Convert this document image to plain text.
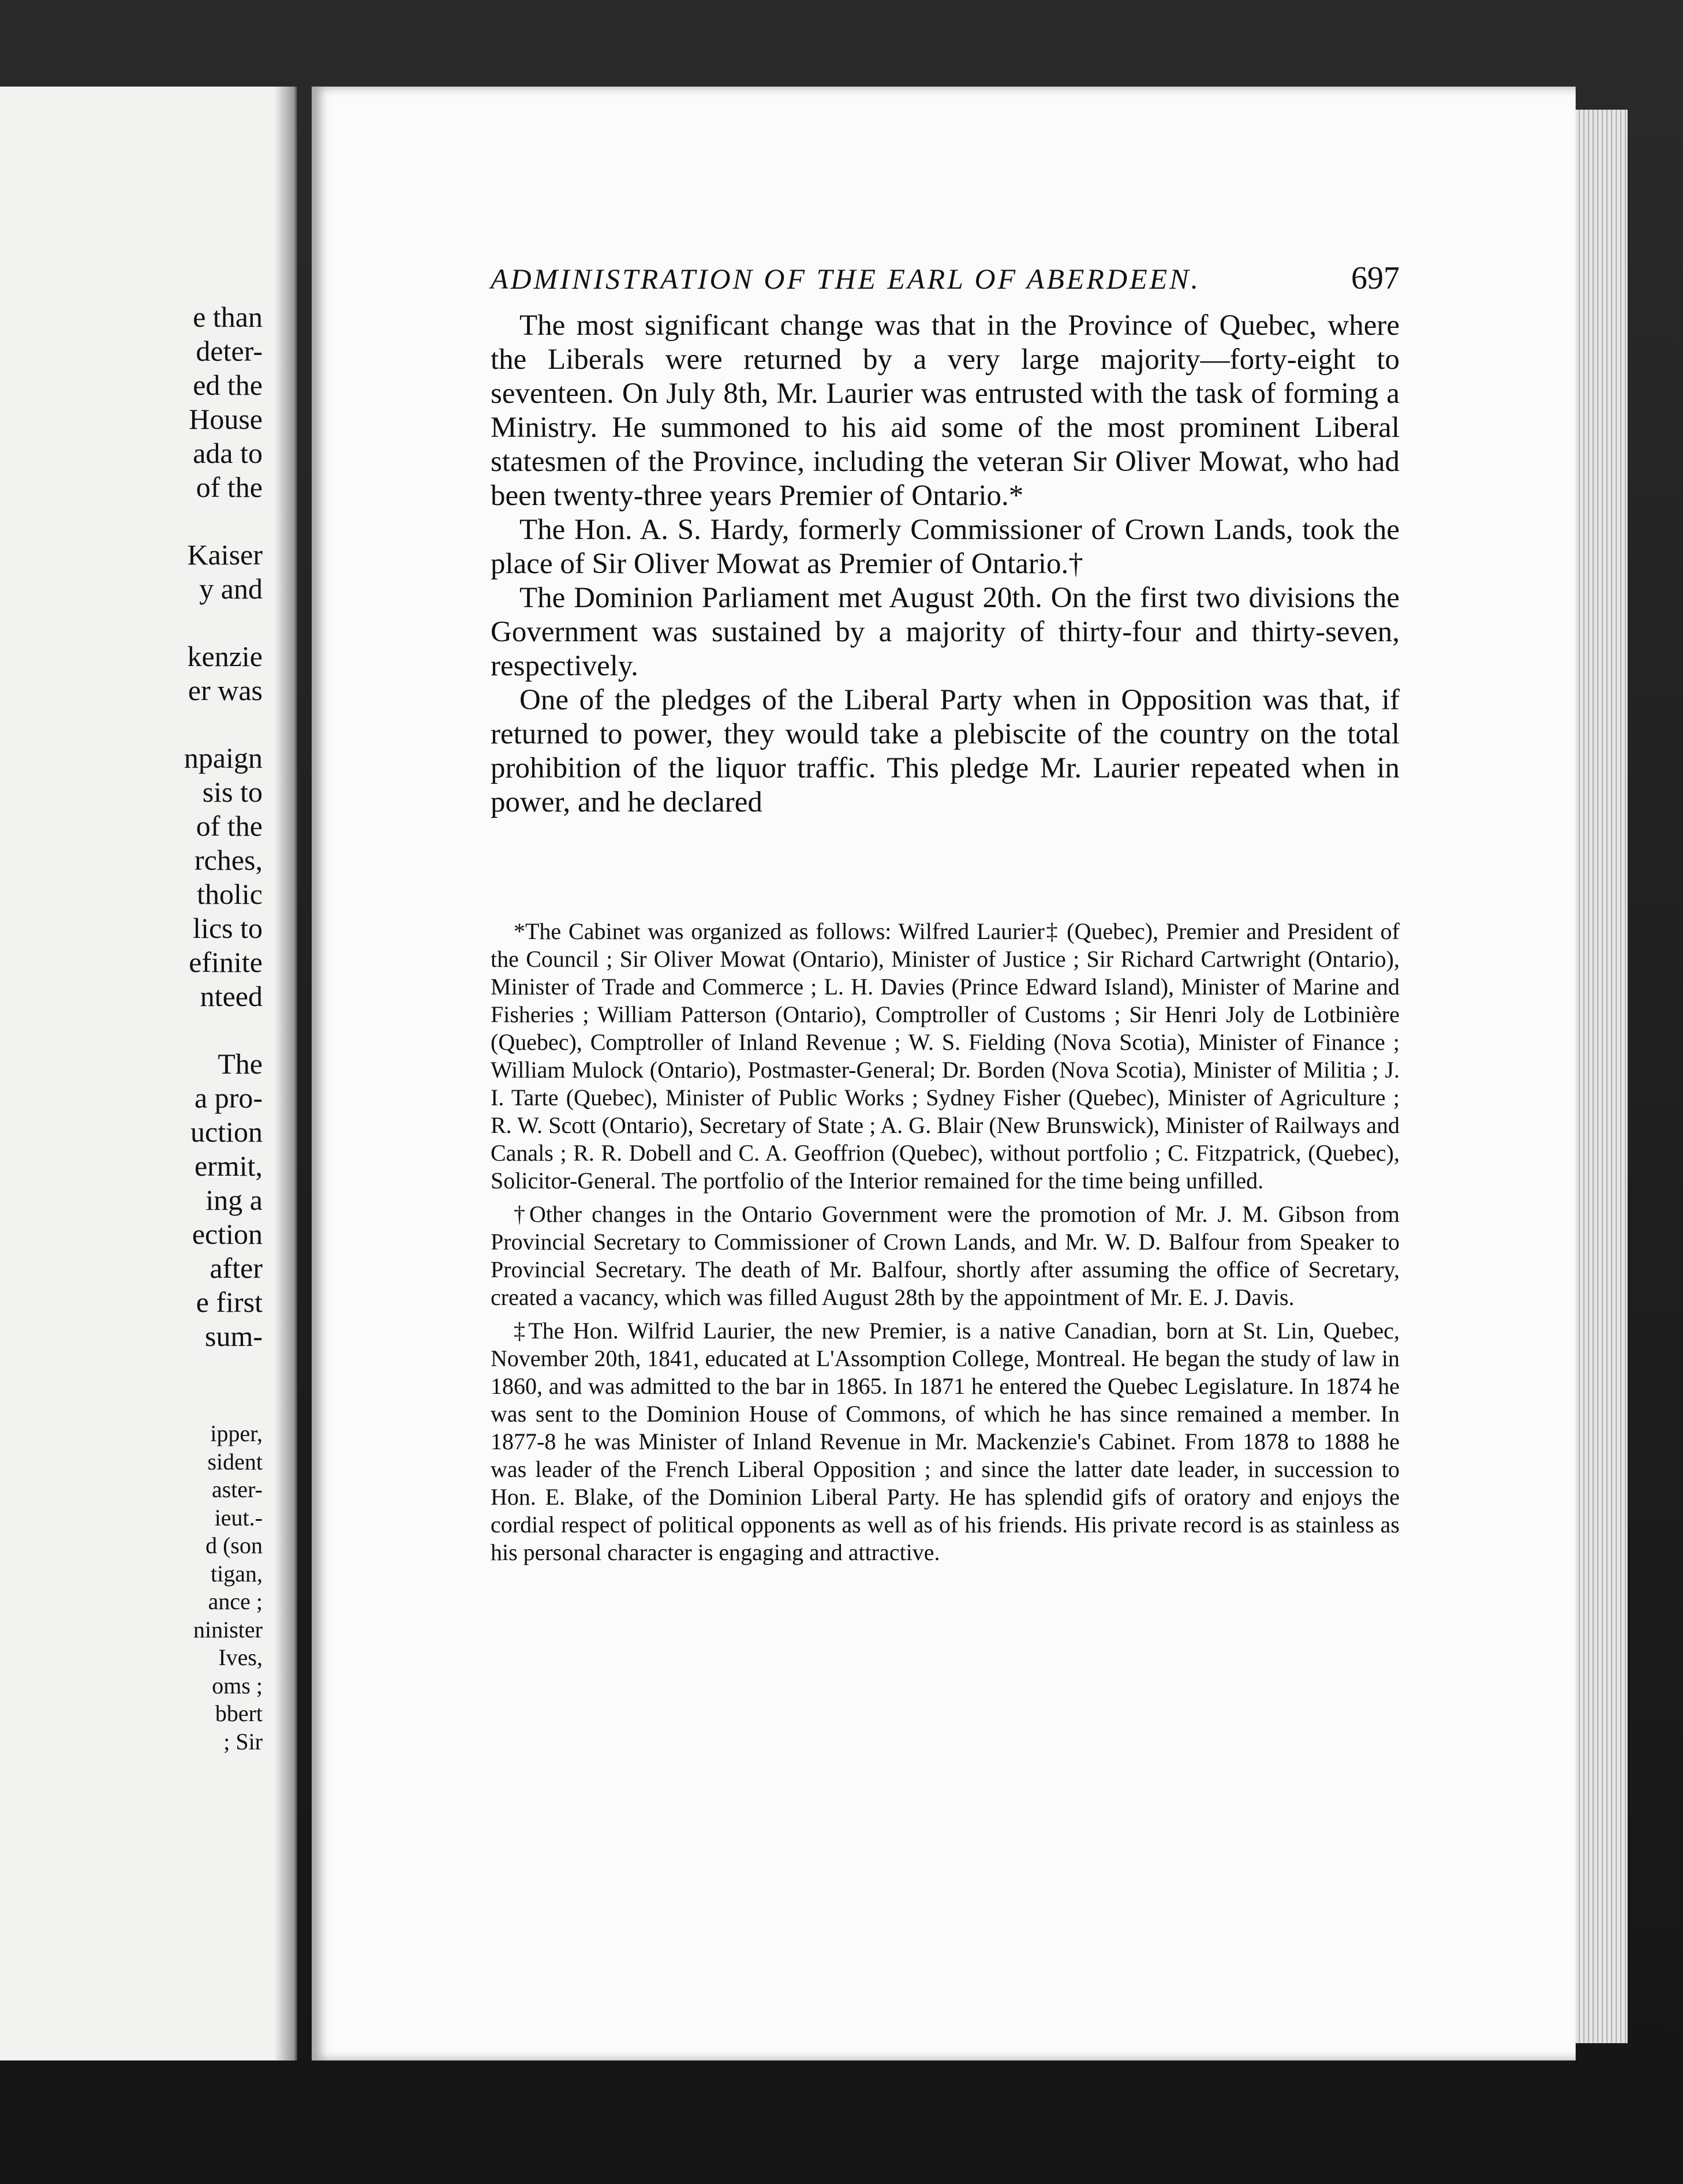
e than
deter-
ed the
House
ada to
of the
Kaiser
y and
kenzie
er was
npaign
sis to
of the
rches,
tholic
lics to
efinite
nteed
The
a pro-
uction
ermit,
ing a
ection
after
e first
sum-
ipper,
sident
aster-
ieut.-
d (son
tigan,
ance ;
ninister
Ives,
oms ;
bbert
; Sir
ADMINISTRATION OF THE EARL OF ABERDEEN.	697

The most significant change was that in the Province of Quebec, where the Liberals were returned by a very large majority—forty-eight to seventeen. On July 8th, Mr. Laurier was entrusted with the task of forming a Ministry. He summoned to his aid some of the most prominent Liberal statesmen of the Province, including the veteran Sir Oliver Mowat, who had been twenty-three years Premier of Ontario.*

The Hon. A. S. Hardy, formerly Commissioner of Crown Lands, took the place of Sir Oliver Mowat as Premier of Ontario.†

The Dominion Parliament met August 20th. On the first two divisions the Government was sustained by a majority of thirty-four and thirty-seven, respectively.

One of the pledges of the Liberal Party when in Opposition was that, if returned to power, they would take a plebiscite of the country on the total prohibition of the liquor traffic. This pledge Mr. Laurier repeated when in power, and he declared

*The Cabinet was organized as follows: Wilfred Laurier‡ (Quebec), Premier and President of the Council ; Sir Oliver Mowat (Ontario), Minister of Justice ; Sir Richard Cartwright (Ontario), Minister of Trade and Commerce ; L. H. Davies (Prince Edward Island), Minister of Marine and Fisheries ; William Patterson (Ontario), Comptroller of Customs ; Sir Henri Joly de Lotbinière (Quebec), Comptroller of Inland Revenue ; W. S. Fielding (Nova Scotia), Minister of Finance ; William Mulock (Ontario), Postmaster-General; Dr. Borden (Nova Scotia), Minister of Militia ; J. I. Tarte (Quebec), Minister of Public Works ; Sydney Fisher (Quebec), Minister of Agriculture ; R. W. Scott (Ontario), Secretary of State ; A. G. Blair (New Brunswick), Minister of Railways and Canals ; R. R. Dobell and C. A. Geoffrion (Quebec), without portfolio ; C. Fitzpatrick, (Quebec), Solicitor-General. The portfolio of the Interior remained for the time being unfilled.

†Other changes in the Ontario Government were the promotion of Mr. J. M. Gibson from Provincial Secretary to Commissioner of Crown Lands, and Mr. W. D. Balfour from Speaker to Provincial Secretary. The death of Mr. Balfour, shortly after assuming the office of Secretary, created a vacancy, which was filled August 28th by the appointment of Mr. E. J. Davis.

‡The Hon. Wilfrid Laurier, the new Premier, is a native Canadian, born at St. Lin, Quebec, November 20th, 1841, educated at L'Assomption College, Montreal. He began the study of law in 1860, and was admitted to the bar in 1865. In 1871 he entered the Quebec Legislature. In 1874 he was sent to the Dominion House of Commons, of which he has since remained a member. In 1877-8 he was Minister of Inland Revenue in Mr. Mackenzie's Cabinet. From 1878 to 1888 he was leader of the French Liberal Opposition ; and since the latter date leader, in succession to Hon. E. Blake, of the Dominion Liberal Party. He has splendid gifs of oratory and enjoys the cordial respect of political opponents as well as of his friends. His private record is as stainless as his personal character is engaging and attractive.
